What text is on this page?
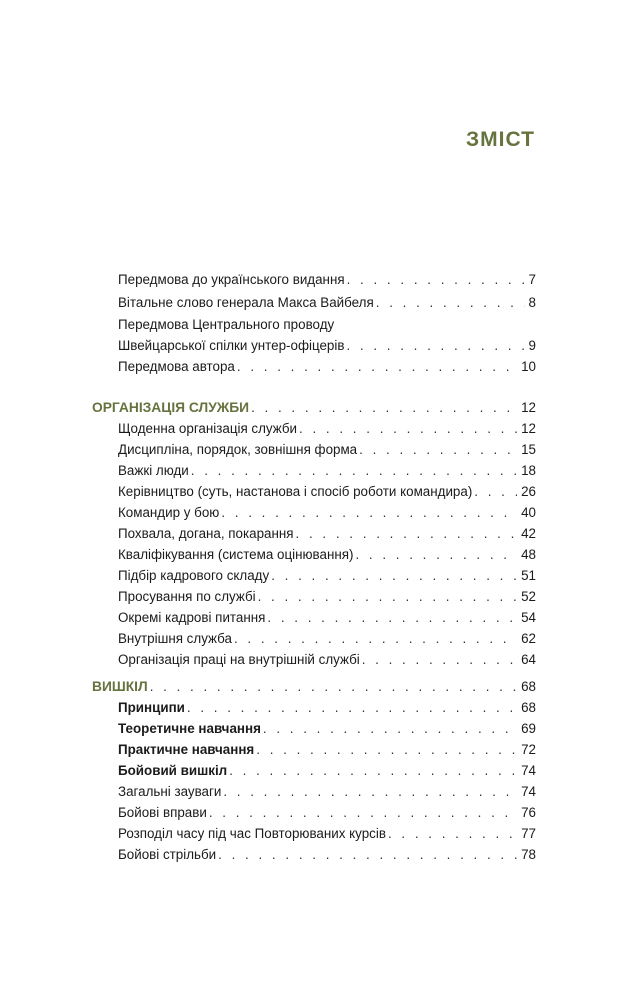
ЗМІСТ
Передмова до українського видання . . .	7
Вітальне слово генерала Макса Вайбеля . . .	8
Передмова Центрального проводу
Швейцарської спілки унтер-офіцерів . . .	9
Передмова автора . . .	10
ОРГАНІЗАЦІЯ СЛУЖБИ . . .	12
Щоденна організація служби . . .	12
Дисципліна, порядок, зовнішня форма . . .	15
Важкі люди . . .	18
Керівництво (суть, настанова і спосіб роботи командира) . . .	26
Командир у бою . . .	40
Похвала, догана, покарання . . .	42
Кваліфікування (система оцінювання) . . .	48
Підбір кадрового складу . . .	51
Просування по службі . . .	52
Окремі кадрові питання . . .	54
Внутрішня служба . . .	62
Організація праці на внутрішній службі . . .	64
ВИШКІЛ . . .	68
Принципи . . .	68
Теоретичне навчання . . .	69
Практичне навчання . . .	72
Бойовий вишкіл . . .	74
Загальні зауваги . . .	74
Бойові вправи . . .	76
Розподіл часу під час Повторюваних курсів . . .	77
Бойові стрільби . . .	78
